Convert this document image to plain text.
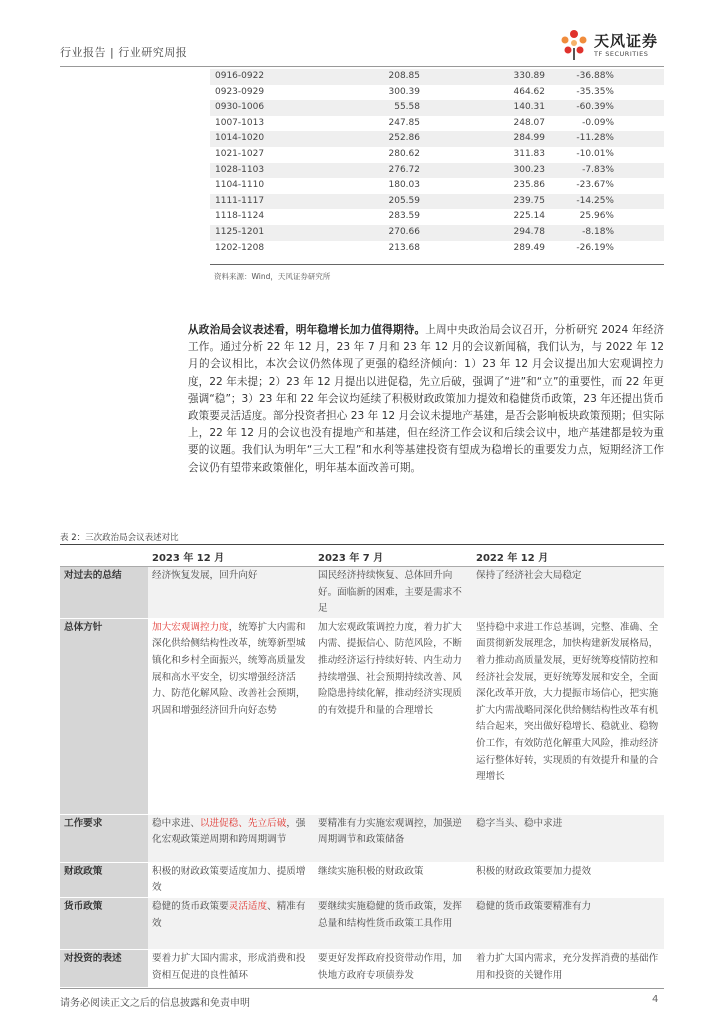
行业报告 | 行业研究周报
天风证券
TF SECURITIES
0916-0922	208.85	330.89	-36.88%
0923-0929	300.39	464.62	-35.35%
0930-1006	55.58	140.31	-60.39%
1007-1013	247.85	248.07	-0.09%
1014-1020	252.86	284.99	-11.28%
1021-1027	280.62	311.83	-10.01%
1028-1103	276.72	300.23	-7.83%
1104-1110	180.03	235.86	-23.67%
1111-1117	205.59	239.75	-14.25%
1118-1124	283.59	225.14	25.96%
1125-1201	270.66	294.78	-8.18%
1202-1208	213.68	289.49	-26.19%
资料来源：Wind，天风证券研究所
从政治局会议表述看，明年稳增长加力值得期待。上周中央政治局会议召开，分析研究 2024 年经济工作。通过分析 22 年 12 月，23 年 7 月和 23 年 12 月的会议新闻稿，我们认为，与 2022 年 12 月的会议相比，本次会议仍然体现了更强的稳经济倾向：1）23 年 12 月会议提出加大宏观调控力度，22 年未提；2）23 年 12 月提出以进促稳，先立后破，强调了“进”和“立”的重要性，而 22 年更强调“稳”；3）23 年和 22 年会议均延续了积极财政政策加力提效和稳健货币政策，23 年还提出货币政策要灵活适度。部分投资者担心 23 年 12 月会议未提地产基建，是否会影响板块政策预期；但实际上，22 年 12 月的会议也没有提地产和基建，但在经济工作会议和后续会议中，地产基建都是较为重要的议题。我们认为明年“三大工程”和水利等基建投资有望成为稳增长的重要发力点，短期经济工作会议仍有望带来政策催化，明年基本面改善可期。
表 2：三次政治局会议表述对比
	2023 年 12 月	2023 年 7 月	2022 年 12 月
对过去的总结	经济恢复发展，回升向好	国民经济持续恢复、总体回升向好。面临新的困难，主要是需求不足	保持了经济社会大局稳定
总体方针	加大宏观调控力度，统筹扩大内需和深化供给侧结构性改革，统筹新型城镇化和乡村全面振兴，统筹高质量发展和高水平安全，切实增强经济活力、防范化解风险、改善社会预期，巩固和增强经济回升向好态势	加大宏观政策调控力度，着力扩大内需、提振信心、防范风险，不断推动经济运行持续好转、内生动力持续增强、社会预期持续改善、风险隐患持续化解，推动经济实现质的有效提升和量的合理增长	坚持稳中求进工作总基调，完整、准确、全面贯彻新发展理念，加快构建新发展格局，着力推动高质量发展，更好统筹疫情防控和经济社会发展，更好统筹发展和安全，全面深化改革开放，大力提振市场信心，把实施扩大内需战略同深化供给侧结构性改革有机结合起来，突出做好稳增长、稳就业、稳物价工作，有效防范化解重大风险，推动经济运行整体好转，实现质的有效提升和量的合理增长
工作要求	稳中求进、以进促稳、先立后破，强化宏观政策逆周期和跨周期调节	要精准有力实施宏观调控，加强逆周期调节和政策储备	稳字当头、稳中求进
财政政策	积极的财政政策要适度加力、提质增效	继续实施积极的财政政策	积极的财政政策要加力提效
货币政策	稳健的货币政策要灵活适度、精准有效	要继续实施稳健的货币政策，发挥总量和结构性货币政策工具作用	稳健的货币政策要精准有力
对投资的表述	要着力扩大国内需求，形成消费和投资相互促进的良性循环	要更好发挥政府投资带动作用，加快地方政府专项债券发	着力扩大国内需求，充分发挥消费的基础作用和投资的关键作用
请务必阅读正文之后的信息披露和免责申明	4
